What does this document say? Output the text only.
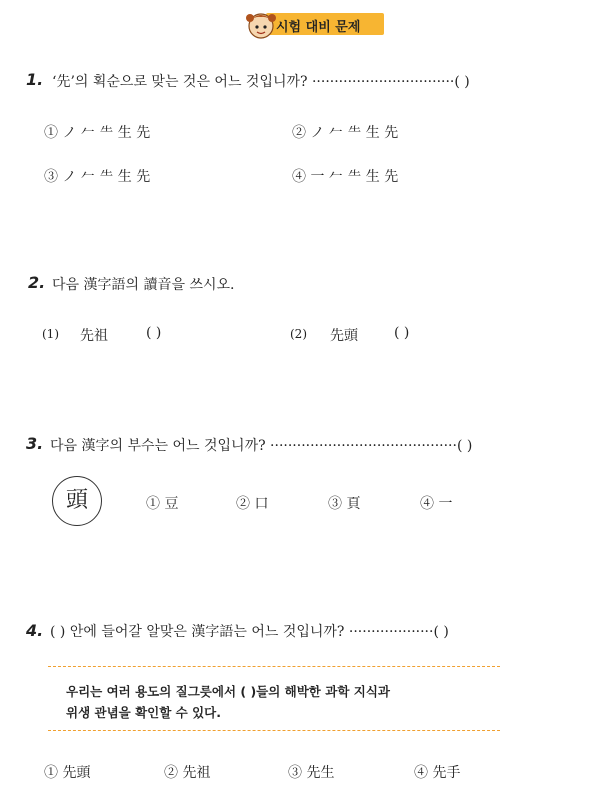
시험 대비 문제
1. ‘先’의 획순으로 맞는 것은 어느 것입니까? ································( )
① ノ 𠂉 ⺧ 生 先	② ノ 𠂉 ⺧ 生 先
③ ノ 𠂉 ⺧ 生 先	④ 一 𠂉 ⺧ 生 先
2. 다음 漢字語의 讀音을 쓰시오.
(1) 先祖	( )	(2) 先頭	( )
3. 다음 漢字의 부수는 어느 것입니까? ··········································( )
頭	① 豆	② 口	③ 頁	④ 一
4. ( ) 안에 들어갈 알맞은 漢字語는 어느 것입니까? ···················( )
우리는 여러 용도의 질그릇에서 ( )들의 해박한 과학 지식과
위생 관념을 확인할 수 있다.
① 先頭	② 先祖	③ 先生	④ 先手
